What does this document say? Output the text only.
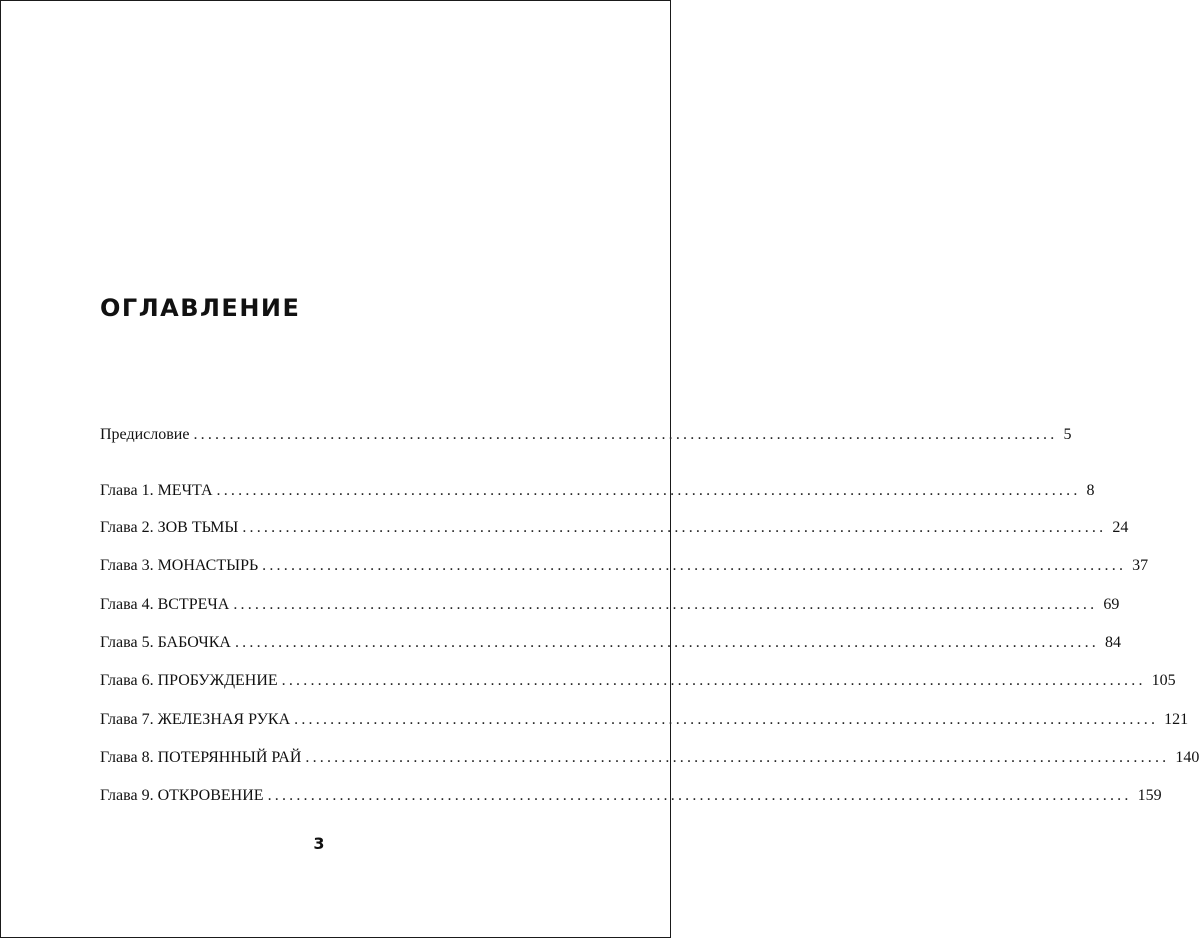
ОГЛАВЛЕНИЕ
Предисловие ........................................................................................................................ 5
Глава 1. МЕЧТА ........................................................................................................................ 8
Глава 2. ЗОВ ТЬМЫ ........................................................................................................................ 24
Глава 3. МОНАСТЫРЬ ........................................................................................................................ 37
Глава 4. ВСТРЕЧА ........................................................................................................................ 69
Глава 5. БАБОЧКА ........................................................................................................................ 84
Глава 6. ПРОБУЖДЕНИЕ ........................................................................................................................ 105
Глава 7. ЖЕЛЕЗНАЯ РУКА ........................................................................................................................ 121
Глава 8. ПОТЕРЯННЫЙ РАЙ ........................................................................................................................ 140
Глава 9. ОТКРОВЕНИЕ ........................................................................................................................ 159
3
